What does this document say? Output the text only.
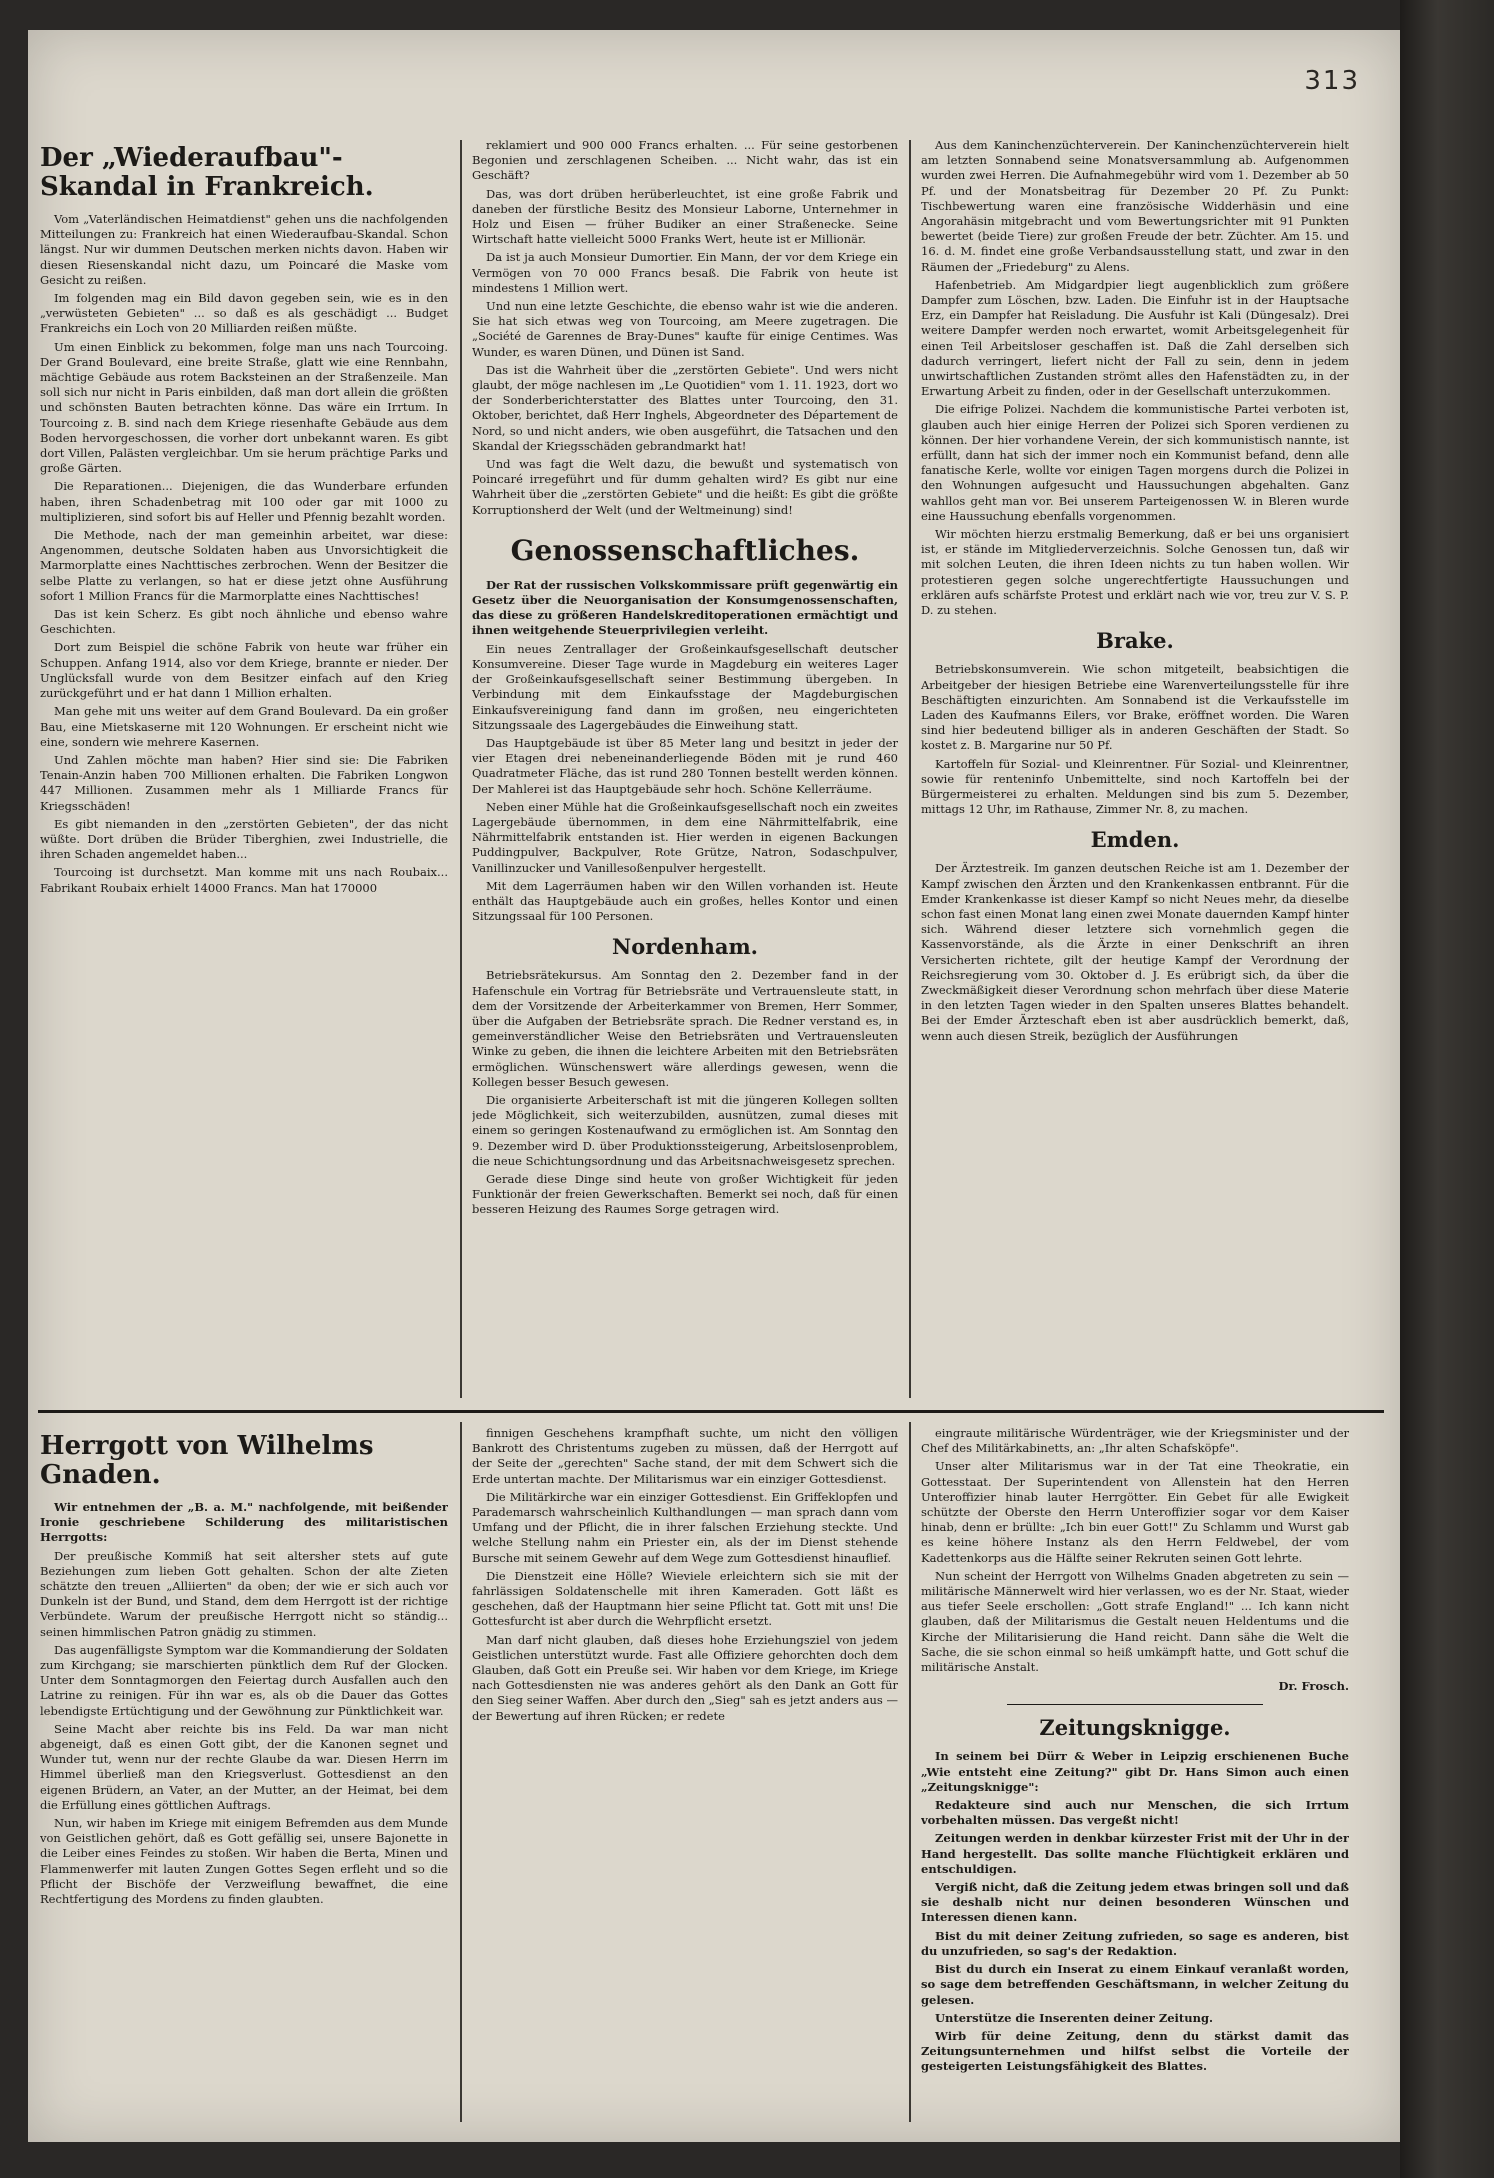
313
Der „Wiederaufbau"-Skandal in Frankreich.

Vom „Vaterländischen Heimatdienst" gehen uns die nachfolgenden Mitteilungen zu: Frankreich hat einen Wiederaufbau-Skandal. Schon längst. Nur wir dummen Deutschen merken nichts davon. Haben wir diesen Riesenskandal nicht dazu, um Poincaré die Maske vom Gesicht zu reißen.

Im folgenden mag ein Bild davon gegeben sein, wie es in den „verwüsteten Gebieten" ... so daß es als geschädigt ... Budget Frankreichs ein Loch von 20 Milliarden reißen müßte.

Um einen Einblick zu bekommen, folge man uns nach Tourcoing. Der Grand Boulevard, eine breite Straße, glatt wie eine Rennbahn, mächtige Gebäude aus rotem Backsteinen an der Straßenzeile. Man soll sich nur nicht in Paris einbilden, daß man dort allein die größten und schönsten Bauten betrachten könne. Das wäre ein Irrtum. In Tourcoing z. B. sind nach dem Kriege riesenhafte Gebäude aus dem Boden hervorgeschossen, die vorher dort unbekannt waren. Es gibt dort Villen, Palästen vergleichbar. Um sie herum prächtige Parks und große Gärten.

Die Reparationen... Diejenigen, die das Wunderbare erfunden haben, ihren Schadenbetrag mit 100 oder gar mit 1000 zu multiplizieren, sind sofort bis auf Heller und Pfennig bezahlt worden.

Die Methode, nach der man gemeinhin arbeitet, war diese: Angenommen, deutsche Soldaten haben aus Unvorsichtigkeit die Marmorplatte eines Nachttisches zerbrochen. Wenn der Besitzer die selbe Platte zu verlangen, so hat er diese jetzt ohne Ausführung sofort 1 Million Francs für die Marmorplatte eines Nachttisches!

Das ist kein Scherz. Es gibt noch ähnliche und ebenso wahre Geschichten.

Dort zum Beispiel die schöne Fabrik von heute war früher ein Schuppen. Anfang 1914, also vor dem Kriege, brannte er nieder. Der Unglücksfall wurde von dem Besitzer einfach auf den Krieg zurückgeführt und er hat dann 1 Million erhalten.

Man gehe mit uns weiter auf dem Grand Boulevard. Da ein großer Bau, eine Mietskaserne mit 120 Wohnungen. Er erscheint nicht wie eine, sondern wie mehrere Kasernen.

Und Zahlen möchte man haben? Hier sind sie: Die Fabriken Tenain-Anzin haben 700 Millionen erhalten. Die Fabriken Longwon 447 Millionen. Zusammen mehr als 1 Milliarde Francs für Kriegsschäden!

Es gibt niemanden in den „zerstörten Gebieten", der das nicht wüßte. Dort drüben die Brüder Tiberghien, zwei Industrielle, die ihren Schaden angemeldet haben...

Tourcoing ist durchsetzt. Man komme mit uns nach Roubaix... Fabrikant Roubaix erhielt 14000 Francs. Man hat 170000

reklamiert und 900 000 Francs erhalten. ... Für seine gestorbenen Begonien und zerschlagenen Scheiben. ... Nicht wahr, das ist ein Geschäft?

Das, was dort drüben herüberleuchtet, ist eine große Fabrik und daneben der fürstliche Besitz des Monsieur Laborne, Unternehmer in Holz und Eisen — früher Budiker an einer Straßenecke. Seine Wirtschaft hatte vielleicht 5000 Franks Wert, heute ist er Millionär.

Da ist ja auch Monsieur Dumortier. Ein Mann, der vor dem Kriege ein Vermögen von 70 000 Francs besaß. Die Fabrik von heute ist mindestens 1 Million wert.

Und nun eine letzte Geschichte, die ebenso wahr ist wie die anderen. Sie hat sich etwas weg von Tourcoing, am Meere zugetragen. Die „Société de Garennes de Bray-Dunes" kaufte für einige Centimes. Was Wunder, es waren Dünen, und Dünen ist Sand.

Das ist die Wahrheit über die „zerstörten Gebiete". Und wers nicht glaubt, der möge nachlesen im „Le Quotidien" vom 1. 11. 1923, dort wo der Sonderberichterstatter des Blattes unter Tourcoing, den 31. Oktober, berichtet, daß Herr Inghels, Abgeordneter des Département de Nord, so und nicht anders, wie oben ausgeführt, die Tatsachen und den Skandal der Kriegsschäden gebrandmarkt hat!

Und was fagt die Welt dazu, die bewußt und systematisch von Poincaré irregeführt und für dumm gehalten wird? Es gibt nur eine Wahrheit über die „zerstörten Gebiete" und die heißt: Es gibt die größte Korruptionsherd der Welt (und der Weltmeinung) sind!

Genossenschaftliches.

Der Rat der russischen Volkskommissare prüft gegenwärtig ein Gesetz über die Neuorganisation der Konsumgenossenschaften, das diese zu größeren Handelskreditoperationen ermächtigt und ihnen weitgehende Steuerprivilegien verleiht.

Ein neues Zentrallager der Großeinkaufsgesellschaft deutscher Konsumvereine. Dieser Tage wurde in Magdeburg ein weiteres Lager der Großeinkaufsgesellschaft seiner Bestimmung übergeben. In Verbindung mit dem Einkaufsstage der Magdeburgischen Einkaufsvereinigung fand dann im großen, neu eingerichteten Sitzungssaale des Lagergebäudes die Einweihung statt.

Das Hauptgebäude ist über 85 Meter lang und besitzt in jeder der vier Etagen drei nebeneinanderliegende Böden mit je rund 460 Quadratmeter Fläche, das ist rund 280 Tonnen bestellt werden können. Der Mahlerei ist das Hauptgebäude sehr hoch. Schöne Kellerräume.

Neben einer Mühle hat die Großeinkaufsgesellschaft noch ein zweites Lagergebäude übernommen, in dem eine Nährmittelfabrik, eine Nährmittelfabrik entstanden ist. Hier werden in eigenen Backungen Puddingpulver, Backpulver, Rote Grütze, Natron, Sodaschpulver, Vanillinzucker und Vanillesoßenpulver hergestellt.

Mit dem Lagerräumen haben wir den Willen vorhanden ist. Heute enthält das Hauptgebäude auch ein großes, helles Kontor und einen Sitzungssaal für 100 Personen.

Nordenham.

Betriebsrätekursus. Am Sonntag den 2. Dezember fand in der Hafenschule ein Vortrag für Betriebsräte und Vertrauensleute statt, in dem der Vorsitzende der Arbeiterkammer von Bremen, Herr Sommer, über die Aufgaben der Betriebsräte sprach. Die Redner verstand es, in gemeinverständlicher Weise den Betriebsräten und Vertrauensleuten Winke zu geben, die ihnen die leichtere Arbeiten mit den Betriebsräten ermöglichen. Wünschenswert wäre allerdings gewesen, wenn die Kollegen besser Besuch gewesen.

Die organisierte Arbeiterschaft ist mit die jüngeren Kollegen sollten jede Möglichkeit, sich weiterzubilden, ausnützen, zumal dieses mit einem so geringen Kostenaufwand zu ermöglichen ist. Am Sonntag den 9. Dezember wird D. über Produktionssteigerung, Arbeitslosenproblem, die neue Schichtungsordnung und das Arbeitsnachweisgesetz sprechen.

Gerade diese Dinge sind heute von großer Wichtigkeit für jeden Funktionär der freien Gewerkschaften. Bemerkt sei noch, daß für einen besseren Heizung des Raumes Sorge getragen wird.

Aus dem Kaninchenzüchterverein. Der Kaninchenzüchterverein hielt am letzten Sonnabend seine Monatsversammlung ab. Aufgenommen wurden zwei Herren. Die Aufnahmegebühr wird vom 1. Dezember ab 50 Pf. und der Monatsbeitrag für Dezember 20 Pf. Zu Punkt: Tischbewertung waren eine französische Widderhäsin und eine Angorahäsin mitgebracht und vom Bewertungsrichter mit 91 Punkten bewertet (beide Tiere) zur großen Freude der betr. Züchter. Am 15. und 16. d. M. findet eine große Verbandsausstellung statt, und zwar in den Räumen der „Friedeburg" zu Alens.

Hafenbetrieb. Am Midgardpier liegt augenblicklich zum größere Dampfer zum Löschen, bzw. Laden. Die Einfuhr ist in der Hauptsache Erz, ein Dampfer hat Reisladung. Die Ausfuhr ist Kali (Düngesalz). Drei weitere Dampfer werden noch erwartet, womit Arbeitsgelegenheit für einen Teil Arbeitsloser geschaffen ist. Daß die Zahl derselben sich dadurch verringert, liefert nicht der Fall zu sein, denn in jedem unwirtschaftlichen Zustanden strömt alles den Hafenstädten zu, in der Erwartung Arbeit zu finden, oder in der Gesellschaft unterzukommen.

Die eifrige Polizei. Nachdem die kommunistische Partei verboten ist, glauben auch hier einige Herren der Polizei sich Sporen verdienen zu können. Der hier vorhandene Verein, der sich kommunistisch nannte, ist erfüllt, dann hat sich der immer noch ein Kommunist befand, denn alle fanatische Kerle, wollte vor einigen Tagen morgens durch die Polizei in den Wohnungen aufgesucht und Haussuchungen abgehalten. Ganz wahllos geht man vor. Bei unserem Parteigenossen W. in Bleren wurde eine Haussuchung ebenfalls vorgenommen.

Wir möchten hierzu erstmalig Bemerkung, daß er bei uns organisiert ist, er stände im Mitgliederverzeichnis. Solche Genossen tun, daß wir mit solchen Leuten, die ihren Ideen nichts zu tun haben wollen. Wir protestieren gegen solche ungerechtfertigte Haussuchungen und erklären aufs schärfste Protest und erklärt nach wie vor, treu zur V. S. P. D. zu stehen.

Brake.

Betriebskonsumverein. Wie schon mitgeteilt, beabsichtigen die Arbeitgeber der hiesigen Betriebe eine Warenverteilungsstelle für ihre Beschäftigten einzurichten. Am Sonnabend ist die Verkaufsstelle im Laden des Kaufmanns Eilers, vor Brake, eröffnet worden. Die Waren sind hier bedeutend billiger als in anderen Geschäften der Stadt. So kostet z. B. Margarine nur 50 Pf.

Kartoffeln für Sozial- und Kleinrentner. Für Sozial- und Kleinrentner, sowie für renteninfo Unbemittelte, sind noch Kartoffeln bei der Bürgermeisterei zu erhalten. Meldungen sind bis zum 5. Dezember, mittags 12 Uhr, im Rathause, Zimmer Nr. 8, zu machen.

Emden.

Der Ärztestreik. Im ganzen deutschen Reiche ist am 1. Dezember der Kampf zwischen den Ärzten und den Krankenkassen entbrannt. Für die Emder Krankenkasse ist dieser Kampf so nicht Neues mehr, da dieselbe schon fast einen Monat lang einen zwei Monate dauernden Kampf hinter sich. Während dieser letztere sich vornehmlich gegen die Kassenvorstände, als die Ärzte in einer Denkschrift an ihren Versicherten richtete, gilt der heutige Kampf der Verordnung der Reichsregierung vom 30. Oktober d. J. Es erübrigt sich, da über die Zweckmäßigkeit dieser Verordnung schon mehrfach über diese Materie in den letzten Tagen wieder in den Spalten unseres Blattes behandelt. Bei der Emder Ärzteschaft eben ist aber ausdrücklich bemerkt, daß, wenn auch diesen Streik, bezüglich der Ausführungen

Herrgott von Wilhelms Gnaden.

Wir entnehmen der „B. a. M." nachfolgende, mit beißender Ironie geschriebene Schilderung des militaristischen Herrgotts:

Der preußische Kommiß hat seit altersher stets auf gute Beziehungen zum lieben Gott gehalten. Schon der alte Zieten schätzte den treuen „Alliierten" da oben; der wie er sich auch vor Dunkeln ist der Bund, und Stand, dem dem Herrgott ist der richtige Verbündete. Warum der preußische Herrgott nicht so ständig... seinen himmlischen Patron gnädig zu stimmen.

Das augenfälligste Symptom war die Kommandierung der Soldaten zum Kirchgang; sie marschierten pünktlich dem Ruf der Glocken. Unter dem Sonntagmorgen den Feiertag durch Ausfallen auch den Latrine zu reinigen. Für ihn war es, als ob die Dauer das Gottes lebendigste Ertüchtigung und der Gewöhnung zur Pünktlichkeit war.

Seine Macht aber reichte bis ins Feld. Da war man nicht abgeneigt, daß es einen Gott gibt, der die Kanonen segnet und Wunder tut, wenn nur der rechte Glaube da war. Diesen Herrn im Himmel überließ man den Kriegsverlust. Gottesdienst an den eigenen Brüdern, an Vater, an der Mutter, an der Heimat, bei dem die Erfüllung eines göttlichen Auftrags.

Nun, wir haben im Kriege mit einigem Befremden aus dem Munde von Geistlichen gehört, daß es Gott gefällig sei, unsere Bajonette in die Leiber eines Feindes zu stoßen. Wir haben die Berta, Minen und Flammenwerfer mit lauten Zungen Gottes Segen erfleht und so die Pflicht der Bischöfe der Verzweiflung bewaffnet, die eine Rechtfertigung des Mordens zu finden glaubten.

finnigen Geschehens krampfhaft suchte, um nicht den völligen Bankrott des Christentums zugeben zu müssen, daß der Herrgott auf der Seite der „gerechten" Sache stand, der mit dem Schwert sich die Erde untertan machte. Der Militarismus war ein einziger Gottesdienst.

Die Militärkirche war ein einziger Gottesdienst. Ein Griffeklopfen und Parademarsch wahrscheinlich Kulthandlungen — man sprach dann vom Umfang und der Pflicht, die in ihrer falschen Erziehung steckte. Und welche Stellung nahm ein Priester ein, als der im Dienst stehende Bursche mit seinem Gewehr auf dem Wege zum Gottesdienst hinauflief.

Die Dienstzeit eine Hölle? Wieviele erleichtern sich sie mit der fahrlässigen Soldatenschelle mit ihren Kameraden. Gott läßt es geschehen, daß der Hauptmann hier seine Pflicht tat. Gott mit uns! Die Gottesfurcht ist aber durch die Wehrpflicht ersetzt.

Man darf nicht glauben, daß dieses hohe Erziehungsziel von jedem Geistlichen unterstützt wurde. Fast alle Offiziere gehorchten doch dem Glauben, daß Gott ein Preuße sei. Wir haben vor dem Kriege, im Kriege nach Gottesdiensten nie was anderes gehört als den Dank an Gott für den Sieg seiner Waffen. Aber durch den „Sieg" sah es jetzt anders aus — der Bewertung auf ihren Rücken; er redete

eingraute militärische Würdenträger, wie der Kriegsminister und der Chef des Militärkabinetts, an: „Ihr alten Schafsköpfe".

Unser alter Militarismus war in der Tat eine Theokratie, ein Gottesstaat. Der Superintendent von Allenstein hat den Herren Unteroffizier hinab lauter Herrgötter. Ein Gebet für alle Ewigkeit schützte der Oberste den Herrn Unteroffizier sogar vor dem Kaiser hinab, denn er brüllte: „Ich bin euer Gott!" Zu Schlamm und Wurst gab es keine höhere Instanz als den Herrn Feldwebel, der vom Kadettenkorps aus die Hälfte seiner Rekruten seinen Gott lehrte.

Nun scheint der Herrgott von Wilhelms Gnaden abgetreten zu sein — militärische Männerwelt wird hier verlassen, wo es der Nr. Staat, wieder aus tiefer Seele erschollen: „Gott strafe England!" ... Ich kann nicht glauben, daß der Militarismus die Gestalt neuen Heldentums und die Kirche der Militarisierung die Hand reicht. Dann sähe die Welt die Sache, die sie schon einmal so heiß umkämpft hatte, und Gott schuf die militärische Anstalt.

Dr. Frosch.
Zeitungsknigge.

In seinem bei Dürr & Weber in Leipzig erschienenen Buche „Wie entsteht eine Zeitung?" gibt Dr. Hans Simon auch einen „Zeitungsknigge":

Redakteure sind auch nur Menschen, die sich Irrtum vorbehalten müssen. Das vergeßt nicht!

Zeitungen werden in denkbar kürzester Frist mit der Uhr in der Hand hergestellt. Das sollte manche Flüchtigkeit erklären und entschuldigen.

Vergiß nicht, daß die Zeitung jedem etwas bringen soll und daß sie deshalb nicht nur deinen besonderen Wünschen und Interessen dienen kann.

Bist du mit deiner Zeitung zufrieden, so sage es anderen, bist du unzufrieden, so sag's der Redaktion.

Bist du durch ein Inserat zu einem Einkauf veranlaßt worden, so sage dem betreffenden Geschäftsmann, in welcher Zeitung du gelesen.

Unterstütze die Inserenten deiner Zeitung.

Wirb für deine Zeitung, denn du stärkst damit das Zeitungsunternehmen und hilfst selbst die Vorteile der gesteigerten Leistungsfähigkeit des Blattes.
